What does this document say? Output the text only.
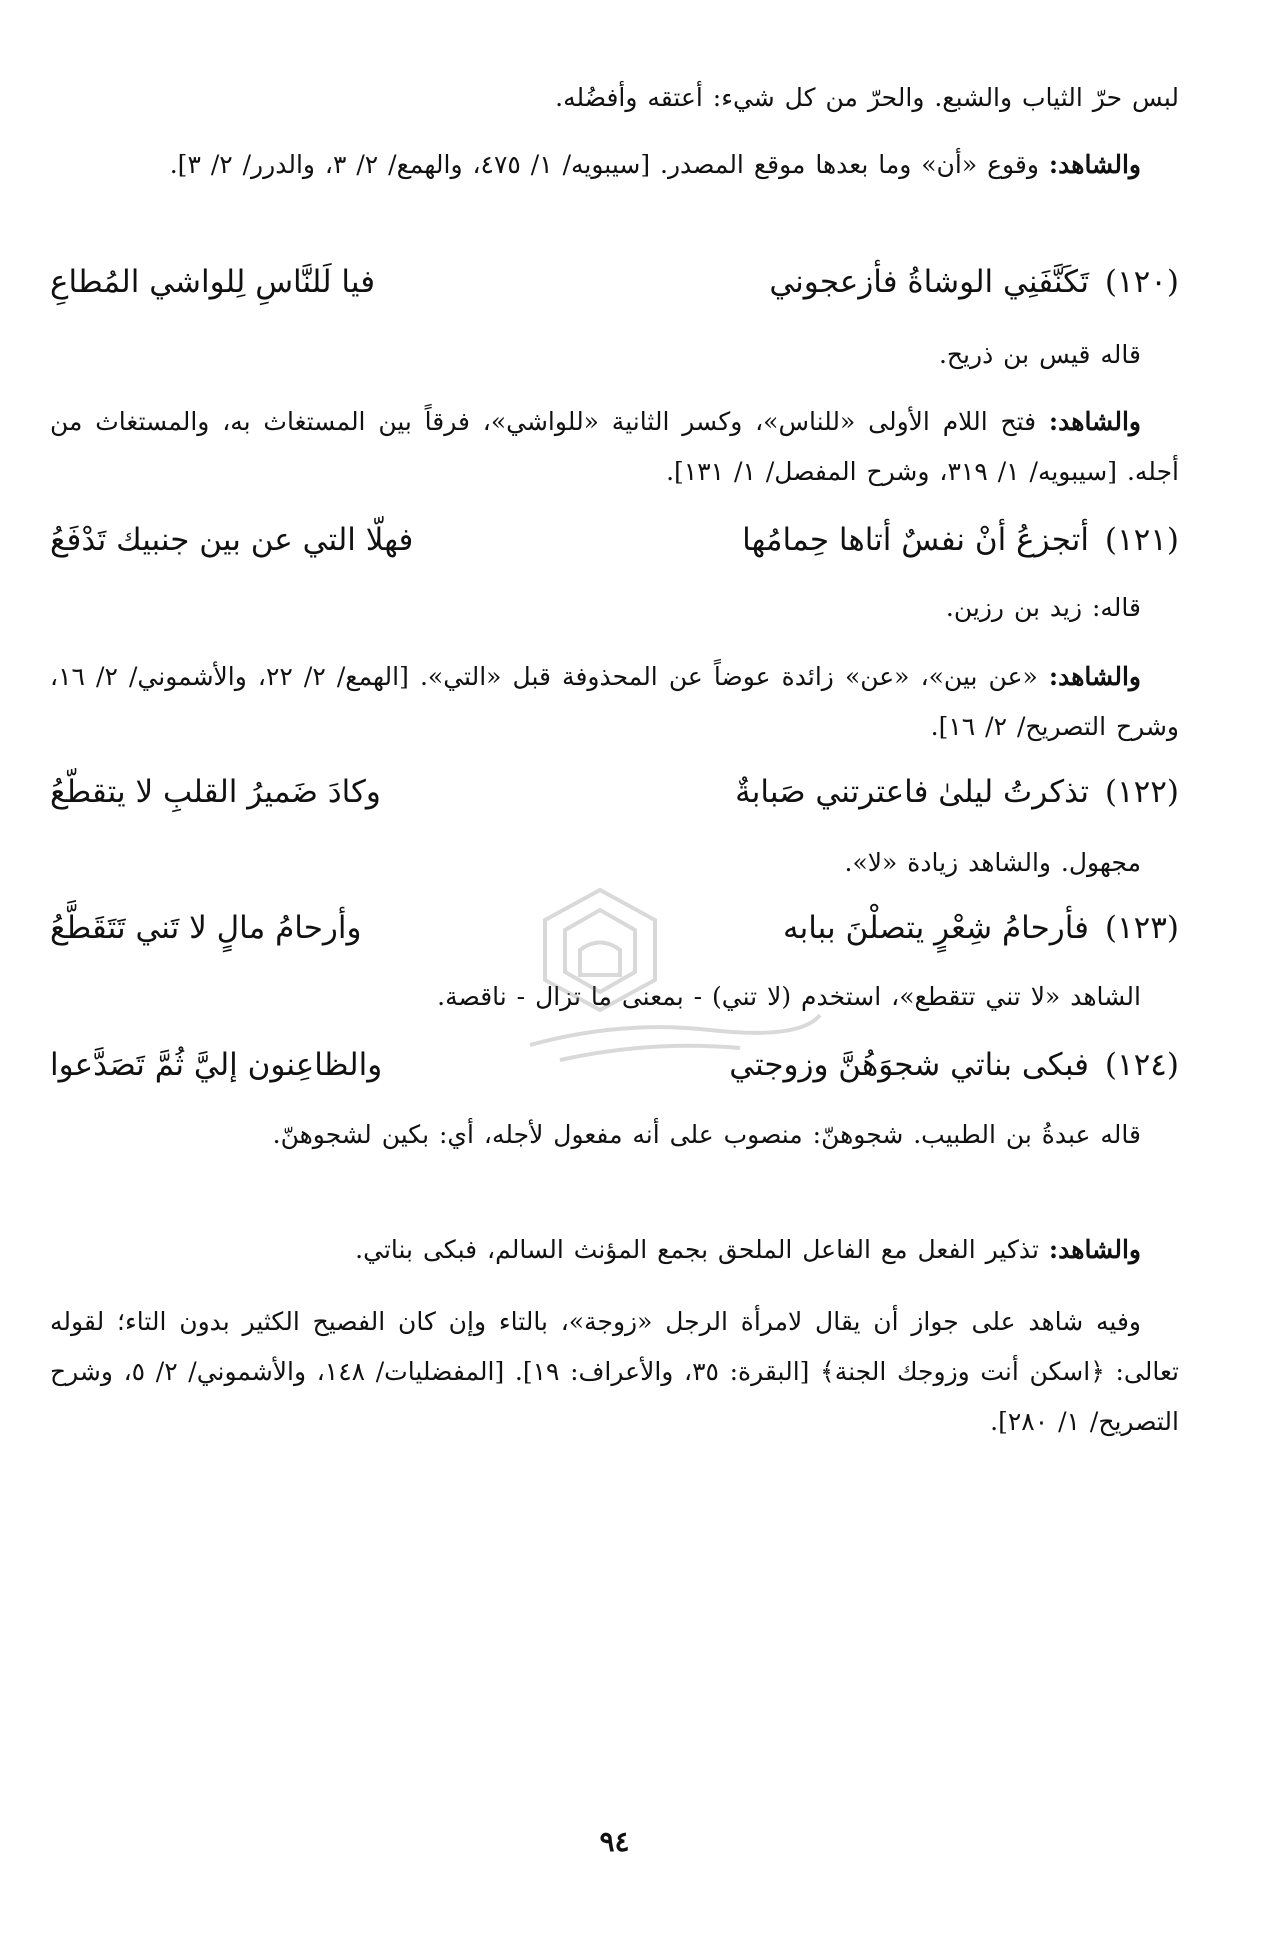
لبس حرّ الثياب والشبع. والحرّ من كل شيء: أعتقه وأفضُله.
والشاهد: وقوع «أن» وما بعدها موقع المصدر. [سيبويه/ ١/ ٤٧٥، والهمع/ ٢/ ٣، والدرر/ ٢/ ٣].
(١٢٠)
تَكَنَّفَنِي الوشاةُ فأزعجوني
فيا لَلنَّاسِ لِلواشي المُطاعِ
قاله قيس بن ذريح.
والشاهد: فتح اللام الأولى «للناس»، وكسر الثانية «للواشي»، فرقاً بين المستغاث به، والمستغاث من أجله. [سيبويه/ ١/ ٣١٩، وشرح المفصل/ ١/ ١٣١].
(١٢١)
أتجزعُ أنْ نفسٌ أتاها حِمامُها
فهلّا التي عن بين جنبيك تَدْفَعُ
قاله: زيد بن رزين.
والشاهد: «عن بين»، «عن» زائدة عوضاً عن المحذوفة قبل «التي». [الهمع/ ٢/ ٢٢، والأشموني/ ٢/ ١٦، وشرح التصريح/ ٢/ ١٦].
(١٢٢)
تذكرتُ ليلىٰ فاعترتني صَبابةٌ
وكادَ ضَميرُ القلبِ لا يتقطّعُ
مجهول. والشاهد زيادة «لا».
(١٢٣)
فأرحامُ شِعْرٍ يتصلْنَ ببابه
وأرحامُ مالٍ لا تَني تَتَقَطَّعُ
الشاهد «لا تني تتقطع»، استخدم (لا تني) - بمعنى ما تزال - ناقصة.
(١٢٤)
فبكى بناتي شجوَهُنَّ وزوجتي
والظاعِنون إليَّ ثُمَّ تَصَدَّعوا
قاله عبدةُ بن الطبيب. شجوهنّ: منصوب على أنه مفعول لأجله، أي: بكين لشجوهنّ.
والشاهد: تذكير الفعل مع الفاعل الملحق بجمع المؤنث السالم، فبكى بناتي.
وفيه شاهد على جواز أن يقال لامرأة الرجل «زوجة»، بالتاء وإن كان الفصيح الكثير بدون التاء؛ لقوله تعالى: ﴿اسكن أنت وزوجك الجنة﴾ [البقرة: ٣٥، والأعراف: ١٩]. [المفضليات/ ١٤٨، والأشموني/ ٢/ ٥، وشرح التصريح/ ١/ ٢٨٠].
٩٤
